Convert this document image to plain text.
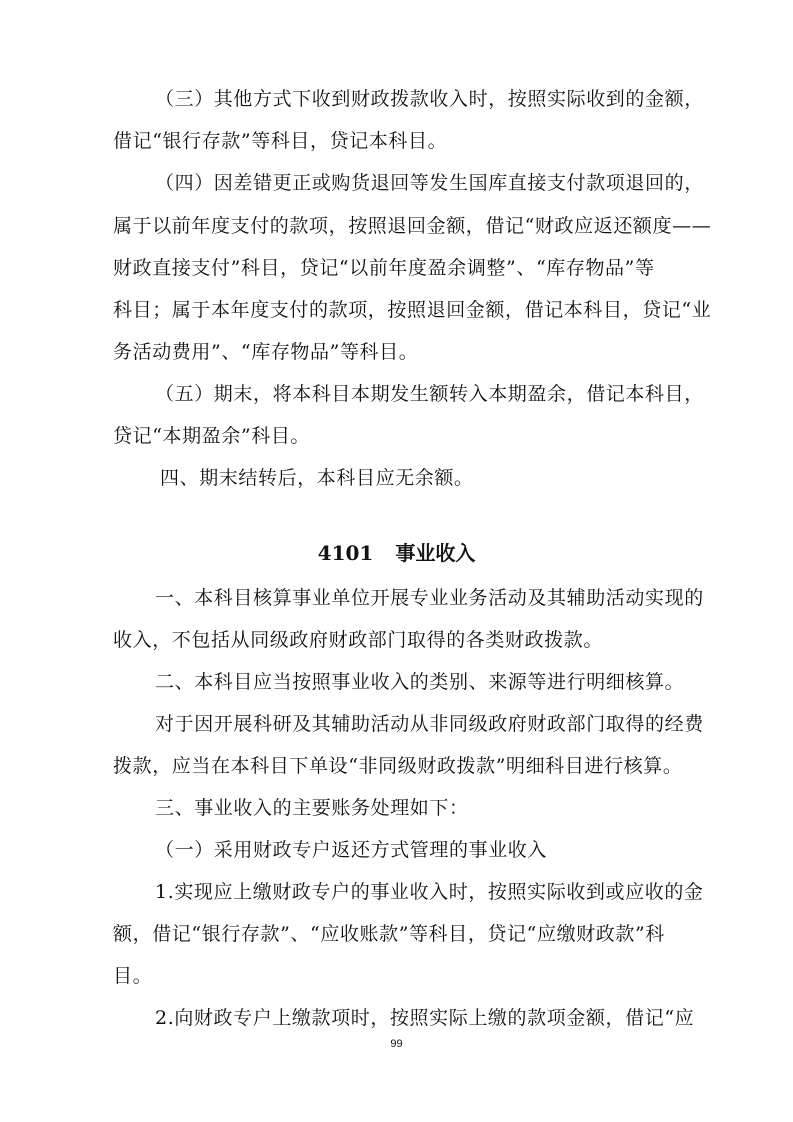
（三）其他方式下收到财政拨款收入时，按照实际收到的金额，
借记“银行存款”等科目，贷记本科目。
（四）因差错更正或购货退回等发生国库直接支付款项退回的，
属于以前年度支付的款项，按照退回金额，借记“财政应返还额度——
财政直接支付”科目，贷记“以前年度盈余调整”、“库存物品”等
科目；属于本年度支付的款项，按照退回金额，借记本科目，贷记“业
务活动费用”、“库存物品”等科目。
（五）期末，将本科目本期发生额转入本期盈余，借记本科目，
贷记“本期盈余”科目。
四、期末结转后，本科目应无余额。
4101 事业收入
一、本科目核算事业单位开展专业业务活动及其辅助活动实现的
收入，不包括从同级政府财政部门取得的各类财政拨款。
二、本科目应当按照事业收入的类别、来源等进行明细核算。
对于因开展科研及其辅助活动从非同级政府财政部门取得的经费
拨款，应当在本科目下单设“非同级财政拨款”明细科目进行核算。
三、事业收入的主要账务处理如下：
（一）采用财政专户返还方式管理的事业收入
1.实现应上缴财政专户的事业收入时，按照实际收到或应收的金
额，借记“银行存款”、“应收账款”等科目，贷记“应缴财政款”科
目。
2.向财政专户上缴款项时，按照实际上缴的款项金额，借记“应
99
